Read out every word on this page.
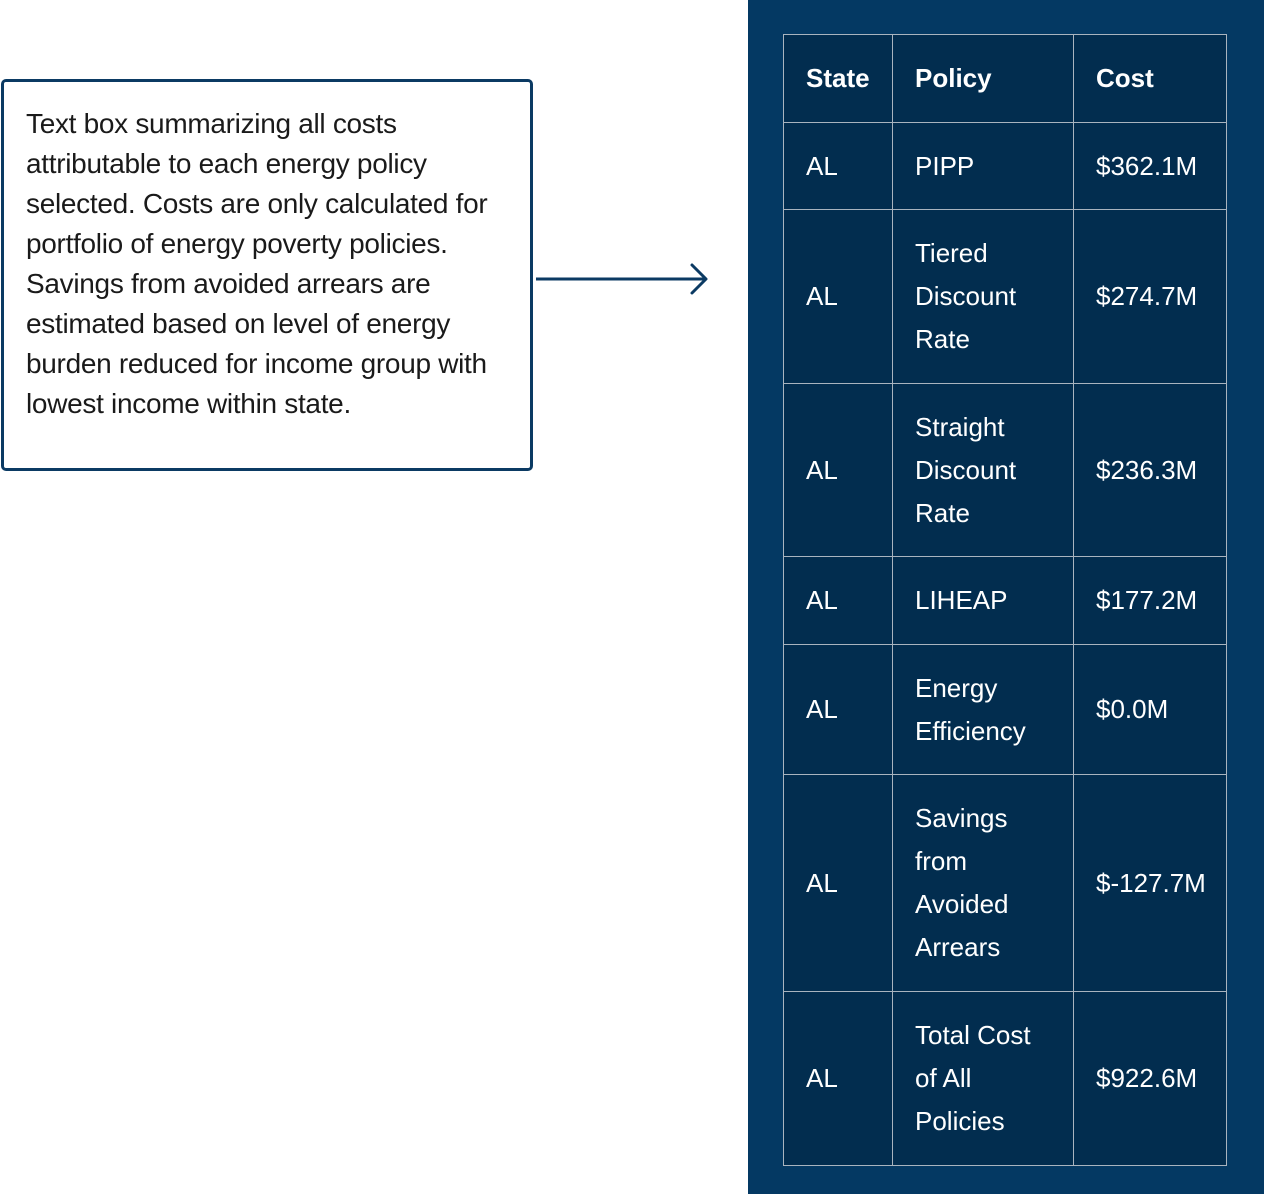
Text box summarizing all costs attributable to each energy policy selected. Costs are only calculated for portfolio of energy poverty policies. Savings from avoided arrears are estimated based on level of energy burden reduced for income group with lowest income within state.
State	Policy	Cost
AL	PIPP	$362.1M
AL	Tiered Discount Rate	$274.7M
AL	Straight Discount Rate	$236.3M
AL	LIHEAP	$177.2M
AL	Energy Efficiency	$0.0M
AL	Savings from Avoided Arrears	$-127.7M
AL	Total Cost of All Policies	$922.6M
